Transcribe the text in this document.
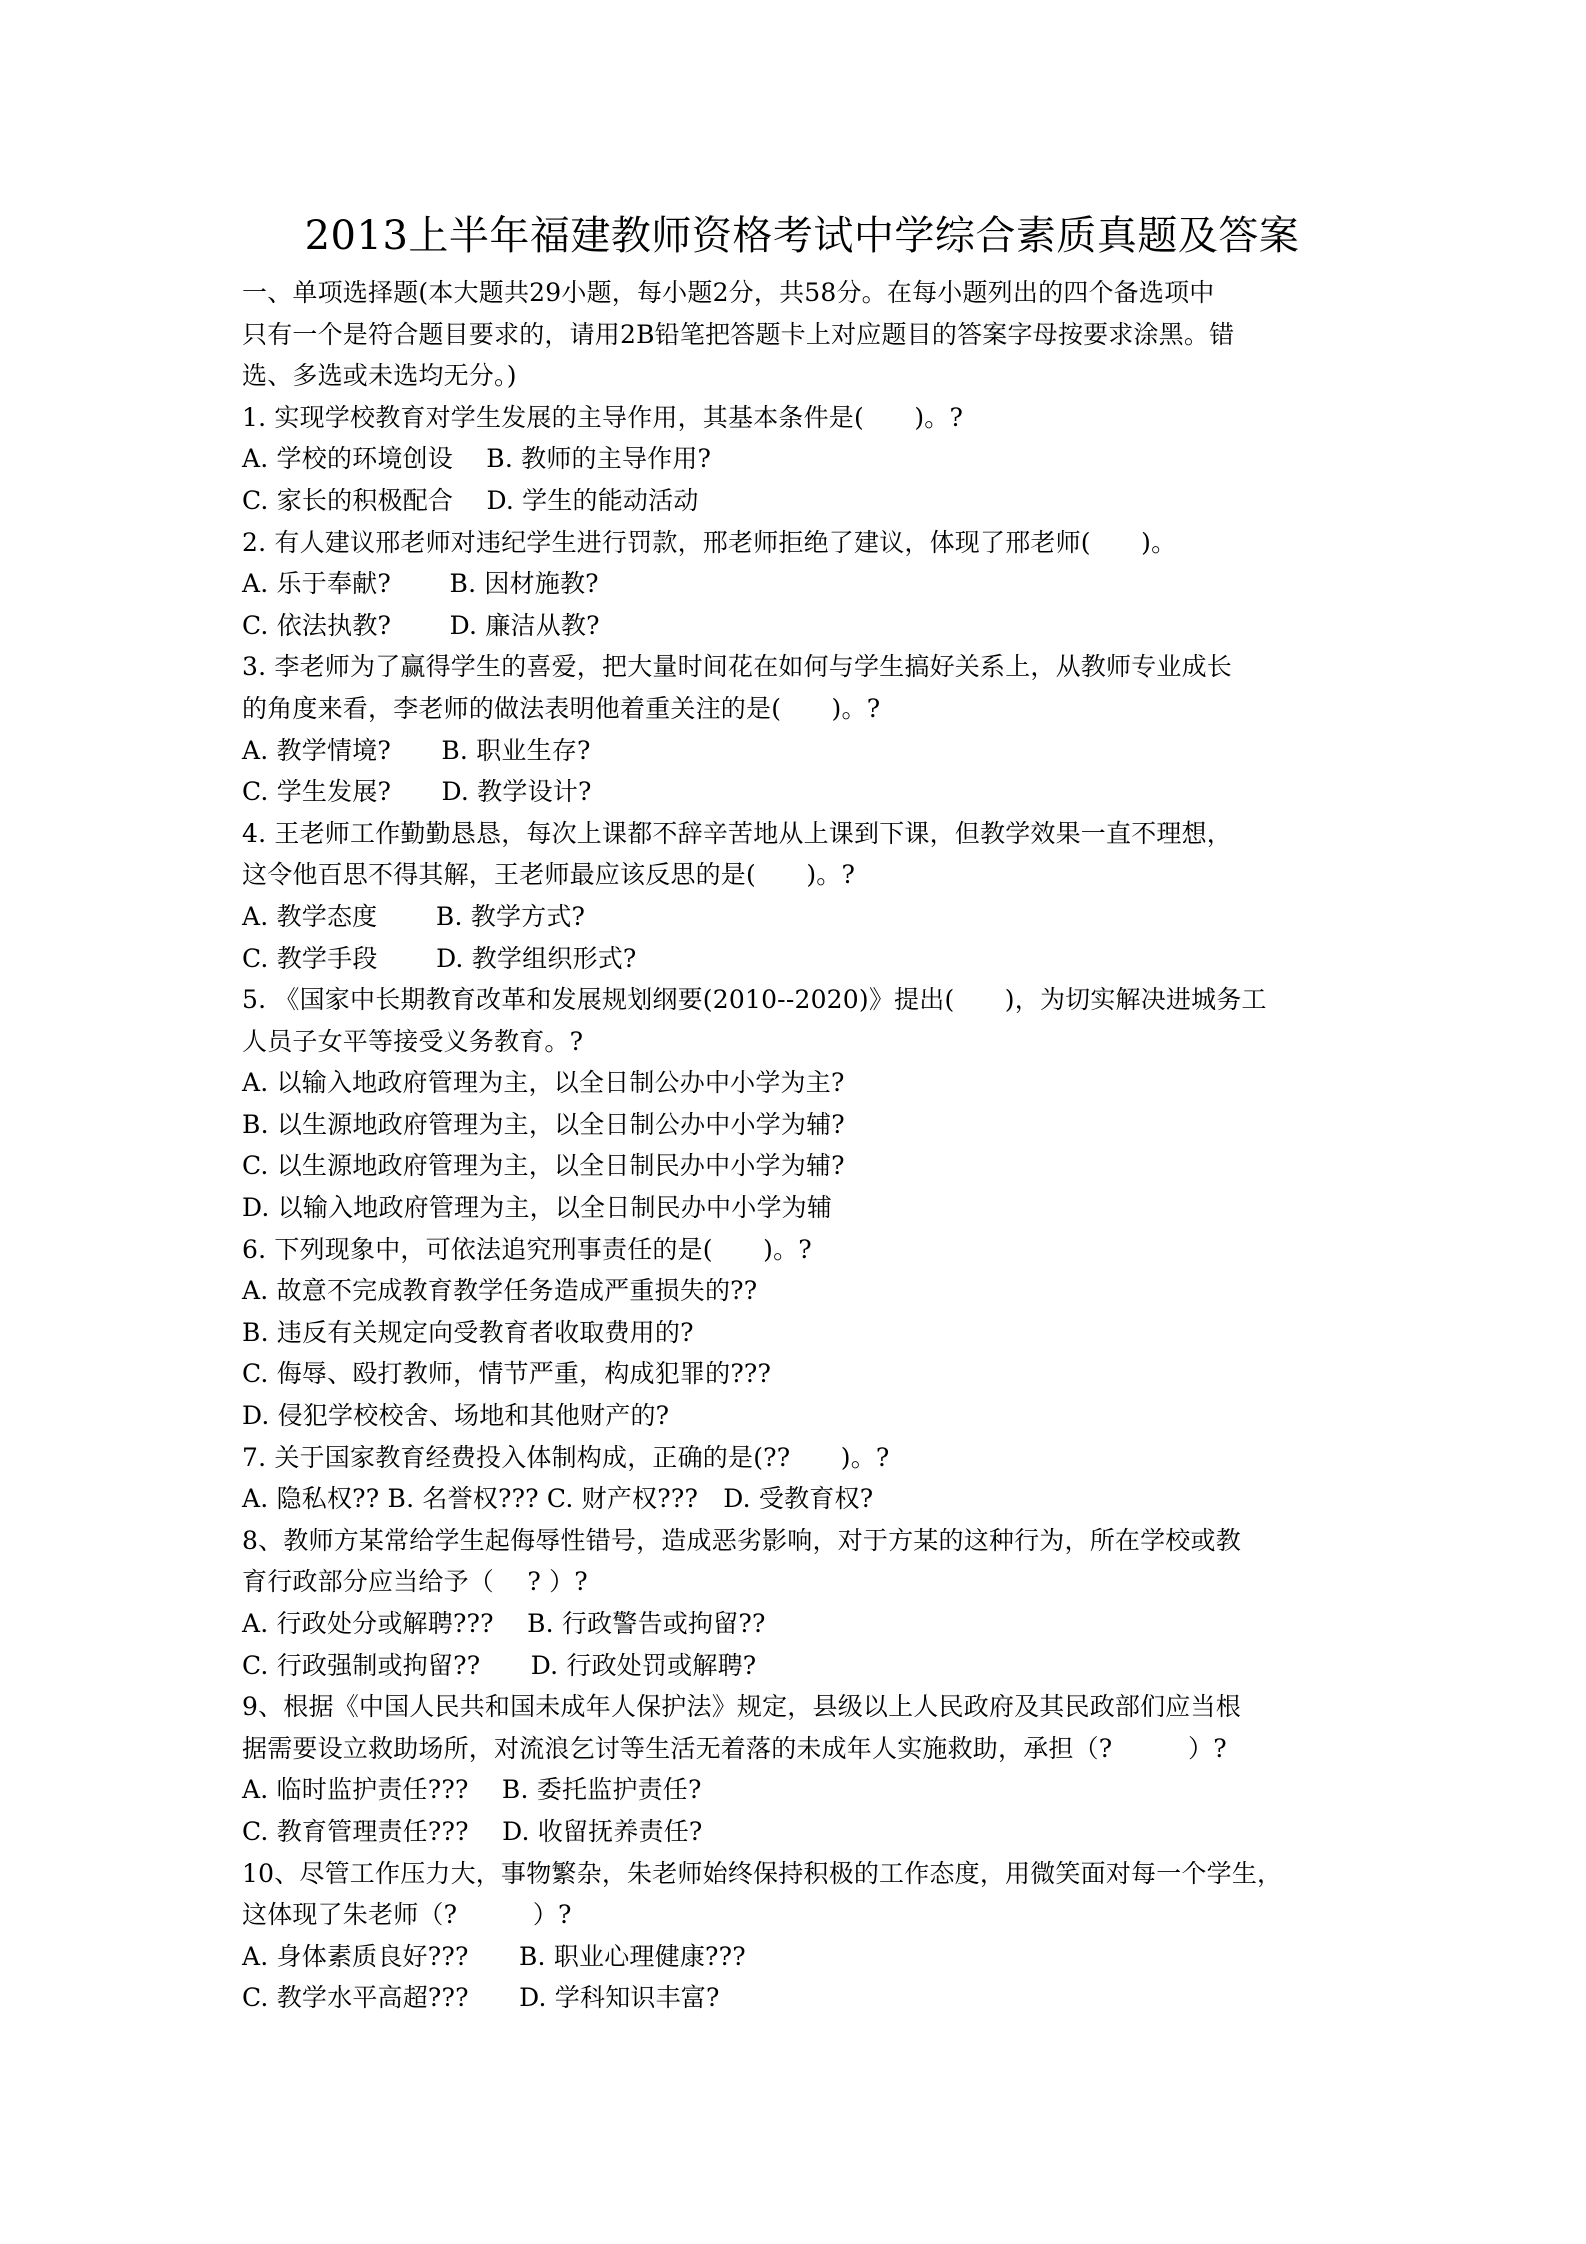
2013上半年福建教师资格考试中学综合素质真题及答案
一、单项选择题(本大题共29小题，每小题2分，共58分。在每小题列出的四个备选项中
只有一个是符合题目要求的，请用2B铅笔把答题卡上对应题目的答案字母按要求涂黑。错
选、多选或未选均无分。)
1. 实现学校教育对学生发展的主导作用，其基本条件是(　　)。?
A. 学校的环境创设　 B. 教师的主导作用?
C. 家长的积极配合　 D. 学生的能动活动
2. 有人建议邢老师对违纪学生进行罚款，邢老师拒绝了建议，体现了邢老师(　　)。
A. 乐于奉献?　　 B. 因材施教?
C. 依法执教?　　 D. 廉洁从教?
3. 李老师为了赢得学生的喜爱，把大量时间花在如何与学生搞好关系上，从教师专业成长
的角度来看，李老师的做法表明他着重关注的是(　　)。?
A. 教学情境?　　B. 职业生存?
C. 学生发展?　　D. 教学设计?
4. 王老师工作勤勤恳恳，每次上课都不辞辛苦地从上课到下课，但教学效果一直不理想，
这令他百思不得其解，王老师最应该反思的是(　　)。?
A. 教学态度　　 B. 教学方式?
C. 教学手段　　 D. 教学组织形式?
5. 《国家中长期教育改革和发展规划纲要(2010--2020)》提出(　　)，为切实解决进城务工
人员子女平等接受义务教育。?
A. 以输入地政府管理为主，以全日制公办中小学为主?
B. 以生源地政府管理为主，以全日制公办中小学为辅?
C. 以生源地政府管理为主，以全日制民办中小学为辅?
D. 以输入地政府管理为主，以全日制民办中小学为辅
6. 下列现象中，可依法追究刑事责任的是(　　)。?
A. 故意不完成教育教学任务造成严重损失的??
B. 违反有关规定向受教育者收取费用的?
C. 侮辱、殴打教师，情节严重，构成犯罪的???
D. 侵犯学校校舍、场地和其他财产的?
7. 关于国家教育经费投入体制构成，正确的是(??　　)。?
A. 隐私权?? B. 名誉权??? C. 财产权???　D. 受教育权?
8、教师方某常给学生起侮辱性错号，造成恶劣影响，对于方某的这种行为，所在学校或教
育行政部分应当给予（　 ? ）?
A. 行政处分或解聘???　 B. 行政警告或拘留??
C. 行政强制或拘留??　　D. 行政处罚或解聘?
9、根据《中国人民共和国未成年人保护法》规定，县级以上人民政府及其民政部们应当根
据需要设立救助场所，对流浪乞讨等生活无着落的未成年人实施救助，承担（?　　　）?
A. 临时监护责任???　 B. 委托监护责任?
C. 教育管理责任???　 D. 收留抚养责任?
10、尽管工作压力大，事物繁杂，朱老师始终保持积极的工作态度，用微笑面对每一个学生，
这体现了朱老师（?　　　）?
A. 身体素质良好???　　B. 职业心理健康???
C. 教学水平高超???　　D. 学科知识丰富?
